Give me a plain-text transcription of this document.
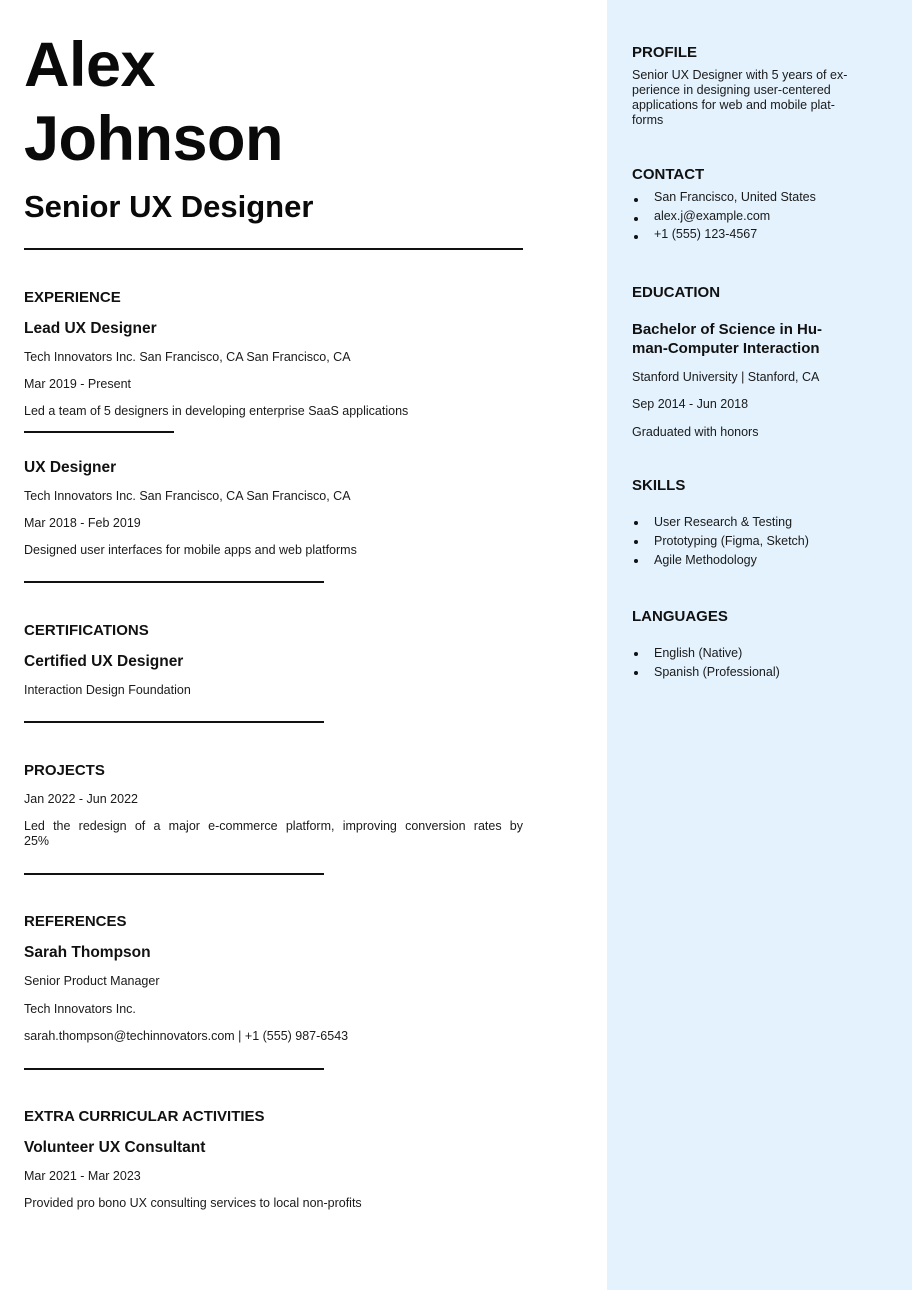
Alex
Johnson
Senior UX Designer
EXPERIENCE
Lead UX Designer

Tech Innovators Inc. San Francisco, CA San Francisco, CA

Mar 2019 - Present

Led a team of 5 designers in developing enterprise SaaS applications

UX Designer

Tech Innovators Inc. San Francisco, CA San Francisco, CA

Mar 2018 - Feb 2019

Designed user interfaces for mobile apps and web platforms

CERTIFICATIONS
Certified UX Designer

Interaction Design Foundation

PROJECTS

Jan 2022 - Jun 2022

Led the redesign of a major e-commerce platform, improving conversion rates by

25%

REFERENCES
Sarah Thompson

Senior Product Manager

Tech Innovators Inc.

sarah.thompson@techinnovators.com | +1 (555) 987-6543

EXTRA CURRICULAR ACTIVITIES
Volunteer UX Consultant

Mar 2021 - Mar 2023

Provided pro bono UX consulting services to local non-profits

PROFILE

Senior UX Designer with 5 years of ex-

perience in designing user-centered

applications for web and mobile plat-

forms

CONTACT

San Francisco, United States

alex.j@example.com

+1 (555) 123-4567

EDUCATION
Bachelor of Science in Hu-
man-Computer Interaction

Stanford University | Stanford, CA

Sep 2014 - Jun 2018

Graduated with honors

SKILLS

User Research & Testing

Prototyping (Figma, Sketch)

Agile Methodology

LANGUAGES

English (Native)

Spanish (Professional)
